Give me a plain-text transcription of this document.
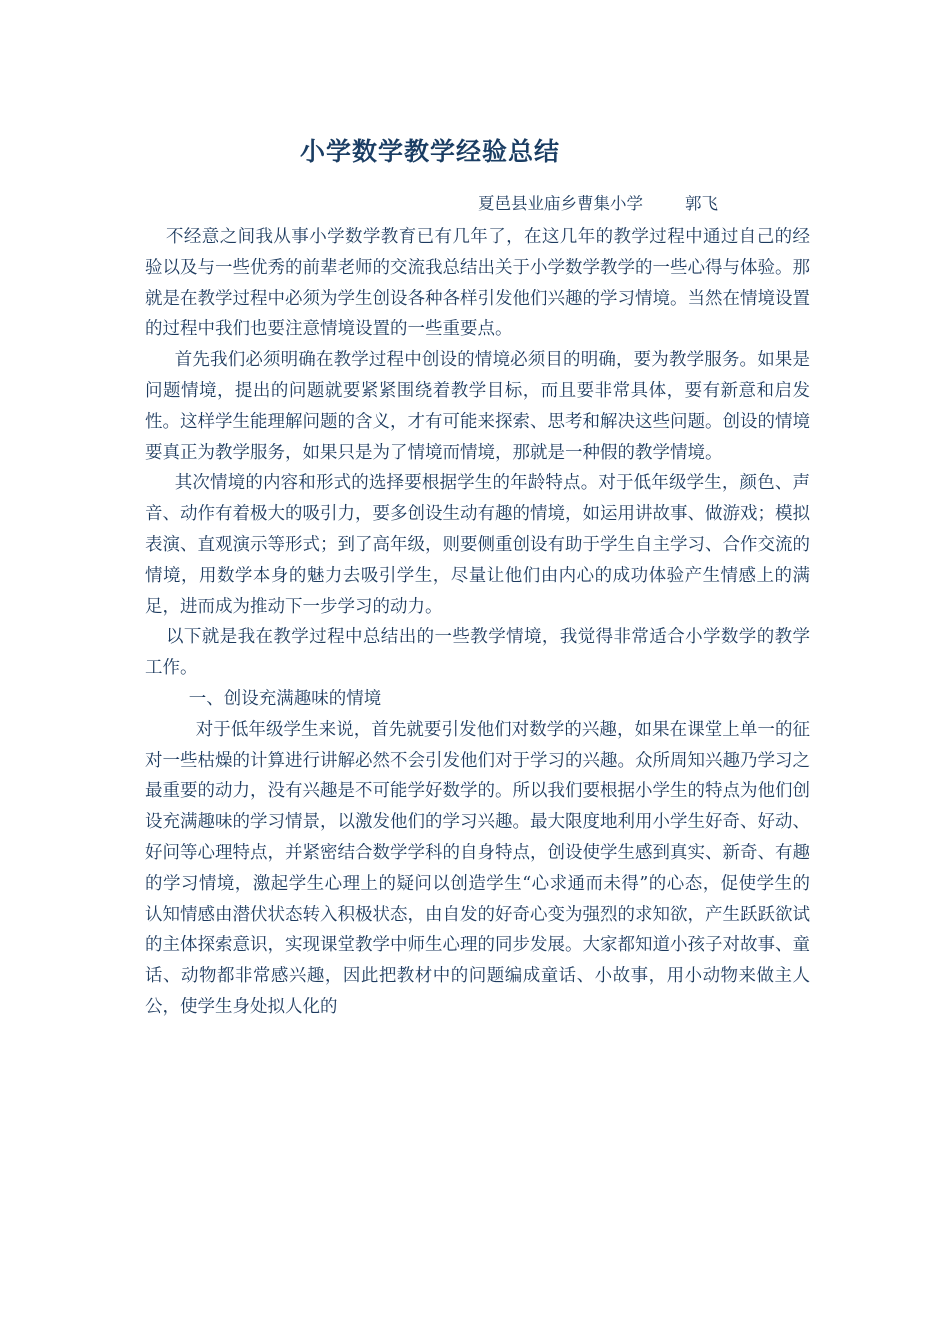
小学数学教学经验总结
夏邑县业庙乡曹集小学        郭飞

不经意之间我从事小学数学教育已有几年了，在这几年的教学过程中通过自己的经验以及与一些优秀的前辈老师的交流我总结出关于小学数学教学的一些心得与体验。那就是在教学过程中必须为学生创设各种各样引发他们兴趣的学习情境。当然在情境设置的过程中我们也要注意情境设置的一些重要点。

首先我们必须明确在教学过程中创设的情境必须目的明确，要为教学服务。如果是问题情境，提出的问题就要紧紧围绕着教学目标，而且要非常具体，要有新意和启发性。这样学生能理解问题的含义，才有可能来探索、思考和解决这些问题。创设的情境要真正为教学服务，如果只是为了情境而情境，那就是一种假的教学情境。

其次情境的内容和形式的选择要根据学生的年龄特点。对于低年级学生，颜色、声音、动作有着极大的吸引力，要多创设生动有趣的情境，如运用讲故事、做游戏；模拟表演、直观演示等形式；到了高年级，则要侧重创设有助于学生自主学习、合作交流的情境，用数学本身的魅力去吸引学生，尽量让他们由内心的成功体验产生情感上的满足，进而成为推动下一步学习的动力。

以下就是我在教学过程中总结出的一些教学情境，我觉得非常适合小学数学的教学工作。

一、创设充满趣味的情境

对于低年级学生来说，首先就要引发他们对数学的兴趣，如果在课堂上单一的征对一些枯燥的计算进行讲解必然不会引发他们对于学习的兴趣。众所周知兴趣乃学习之最重要的动力，没有兴趣是不可能学好数学的。所以我们要根据小学生的特点为他们创设充满趣味的学习情景，以激发他们的学习兴趣。最大限度地利用小学生好奇、好动、好问等心理特点，并紧密结合数学学科的自身特点，创设使学生感到真实、新奇、有趣的学习情境，激起学生心理上的疑问以创造学生“心求通而未得”的心态，促使学生的认知情感由潜伏状态转入积极状态，由自发的好奇心变为强烈的求知欲，产生跃跃欲试的主体探索意识，实现课堂教学中师生心理的同步发展。大家都知道小孩子对故事、童话、动物都非常感兴趣，因此把教材中的问题编成童话、小故事，用小动物来做主人公，使学生身处拟人化的
